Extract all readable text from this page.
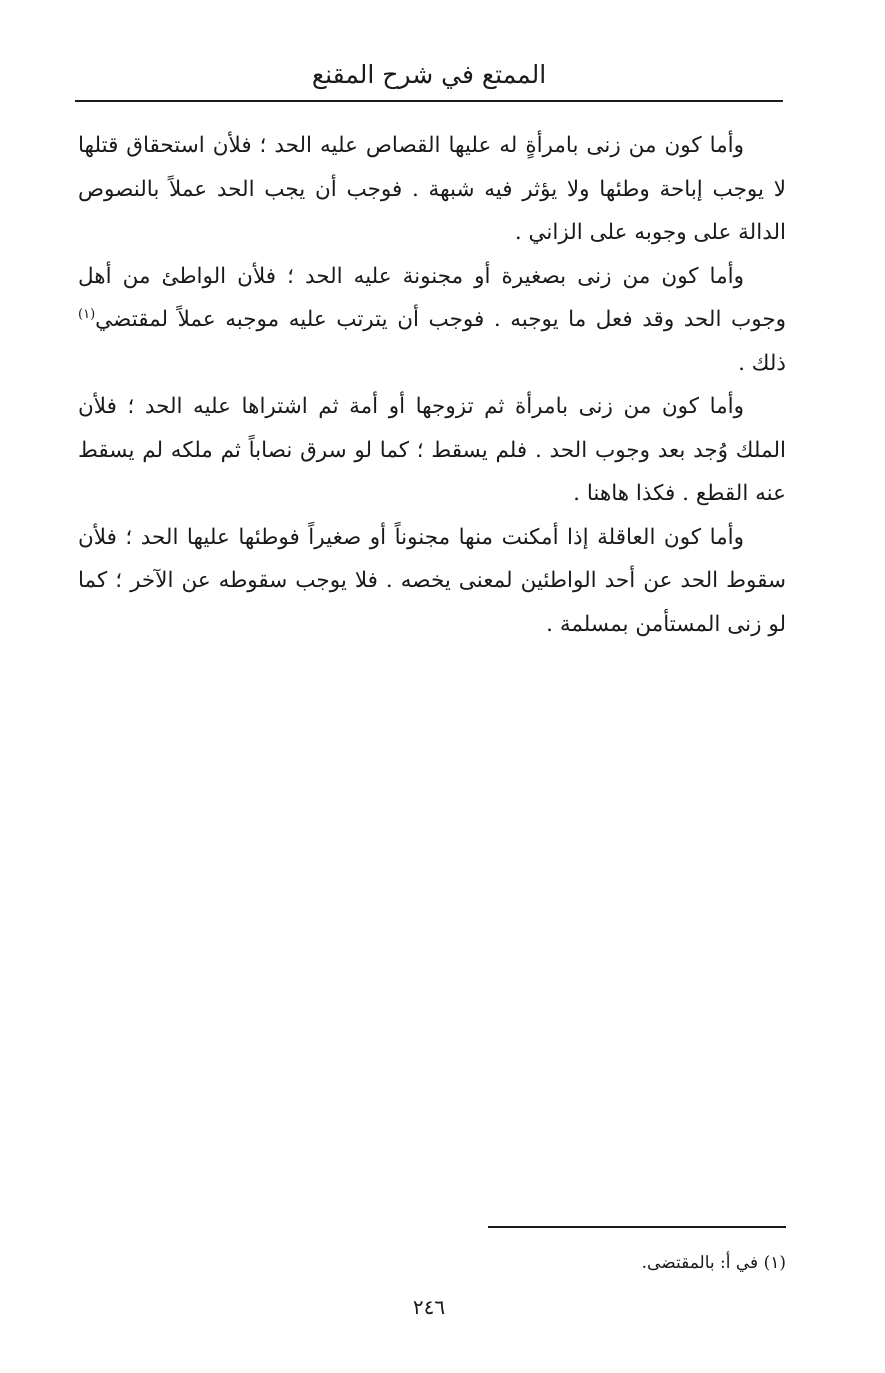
الممتع في شرح المقنع

وأما كون من زنى بامرأةٍ له عليها القصاص عليه الحد ؛ فلأن استحقاق قتلها لا يوجب إباحة وطئها ولا يؤثر فيه شبهة . فوجب أن يجب الحد عملاً بالنصوص الدالة على وجوبه على الزاني .

وأما كون من زنى بصغيرة أو مجنونة عليه الحد ؛ فلأن الواطئ من أهل وجوب الحد وقد فعل ما يوجبه . فوجب أن يترتب عليه موجبه عملاً لمقتضي$^{(١)}$ ذلك .

وأما كون من زنى بامرأة ثم تزوجها أو أمة ثم اشتراها عليه الحد ؛ فلأن الملك وُجد بعد وجوب الحد . فلم يسقط ؛ كما لو سرق نصاباً ثم ملكه لم يسقط عنه القطع . فكذا هاهنا .

وأما كون العاقلة إذا أمكنت منها مجنوناً أو صغيراً فوطئها عليها الحد ؛ فلأن سقوط الحد عن أحد الواطئين لمعنى يخصه . فلا يوجب سقوطه عن الآخر ؛ كما لو زنى المستأمن بمسلمة .

(١) في أ: بالمقتضى.
٢٤٦
